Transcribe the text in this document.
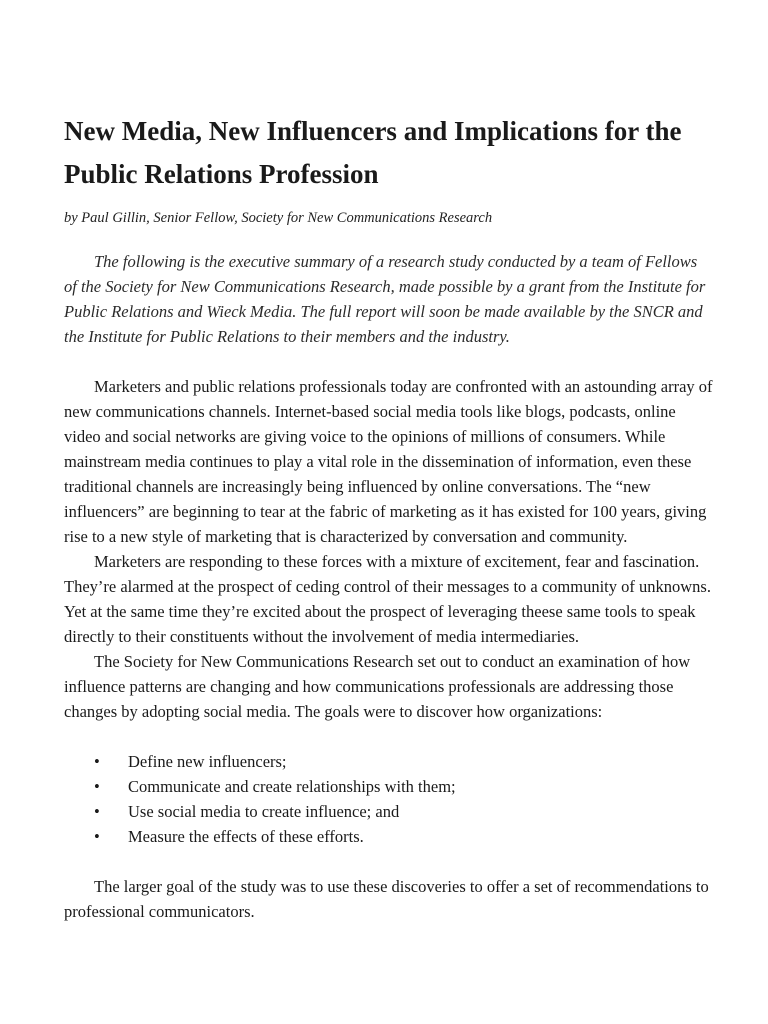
New Media, New Influencers and Implications for the Public Relations Profession

by Paul Gillin, Senior Fellow, Society for New Communications Research

The following is the executive summary of a research study conducted by a team of Fellows of the Society for New Communications Research, made possible by a grant from the Institute for Public Relations and Wieck Media. The full report will soon be made available by the SNCR and the Institute for Public Relations to their members and the industry.

Marketers and public relations professionals today are confronted with an astounding array of new communications channels. Internet-based social media tools like blogs, podcasts, online video and social networks are giving voice to the opinions of millions of consumers. While mainstream media continues to play a vital role in the dissemination of information, even these traditional channels are increasingly being influenced by online conversations. The “new influencers” are beginning to tear at the fabric of marketing as it has existed for 100 years, giving rise to a new style of marketing that is characterized by conversation and community.

Marketers are responding to these forces with a mixture of excitement, fear and fascination. They’re alarmed at the prospect of ceding control of their messages to a community of unknowns. Yet at the same time they’re excited about the prospect of leveraging theese same tools to speak directly to their constituents without the involvement of media intermediaries.

The Society for New Communications Research set out to conduct an examination of how influence patterns are changing and how communications professionals are addressing those changes by adopting social media. The goals were to discover how organizations:

•	Define new influencers;
•	Communicate and create relationships with them;
•	Use social media to create influence; and
•	Measure the effects of these efforts.

The larger goal of the study was to use these discoveries to offer a set of recommendations to professional communicators.
